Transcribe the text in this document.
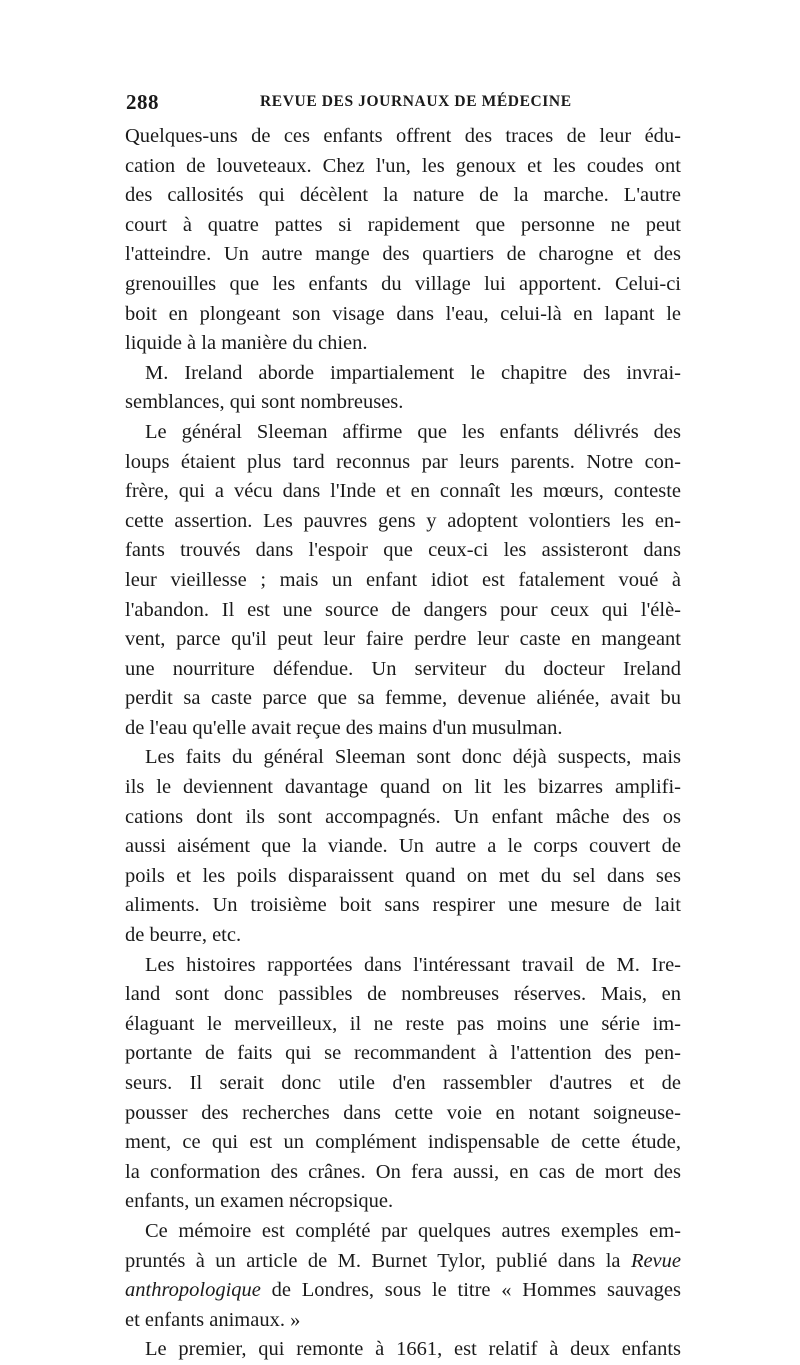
288	REVUE DES JOURNAUX DE MÉDECINE
Quelques-uns de ces enfants offrent des traces de leur édu-
cation de louveteaux. Chez l'un, les genoux et les coudes ont
des callosités qui décèlent la nature de la marche. L'autre
court à quatre pattes si rapidement que personne ne peut
l'atteindre. Un autre mange des quartiers de charogne et des
grenouilles que les enfants du village lui apportent. Celui-ci
boit en plongeant son visage dans l'eau, celui-là en lapant le
liquide à la manière du chien.
M. Ireland aborde impartialement le chapitre des invrai-
semblances, qui sont nombreuses.
Le général Sleeman affirme que les enfants délivrés des
loups étaient plus tard reconnus par leurs parents. Notre con-
frère, qui a vécu dans l'Inde et en connaît les mœurs, conteste
cette assertion. Les pauvres gens y adoptent volontiers les en-
fants trouvés dans l'espoir que ceux-ci les assisteront dans
leur vieillesse ; mais un enfant idiot est fatalement voué à
l'abandon. Il est une source de dangers pour ceux qui l'élè-
vent, parce qu'il peut leur faire perdre leur caste en mangeant
une nourriture défendue. Un serviteur du docteur Ireland
perdit sa caste parce que sa femme, devenue aliénée, avait bu
de l'eau qu'elle avait reçue des mains d'un musulman.
Les faits du général Sleeman sont donc déjà suspects, mais
ils le deviennent davantage quand on lit les bizarres amplifi-
cations dont ils sont accompagnés. Un enfant mâche des os
aussi aisément que la viande. Un autre a le corps couvert de
poils et les poils disparaissent quand on met du sel dans ses
aliments. Un troisième boit sans respirer une mesure de lait
de beurre, etc.
Les histoires rapportées dans l'intéressant travail de M. Ire-
land sont donc passibles de nombreuses réserves. Mais, en
élaguant le merveilleux, il ne reste pas moins une série im-
portante de faits qui se recommandent à l'attention des pen-
seurs. Il serait donc utile d'en rassembler d'autres et de
pousser des recherches dans cette voie en notant soigneuse-
ment, ce qui est un complément indispensable de cette étude,
la conformation des crânes. On fera aussi, en cas de mort des
enfants, un examen nécropsique.
Ce mémoire est complété par quelques autres exemples em-
pruntés à un article de M. Burnet Tylor, publié dans la Revue
anthropologique de Londres, sous le titre « Hommes sauvages
et enfants animaux. »
Le premier, qui remonte à 1661, est relatif à deux enfants
